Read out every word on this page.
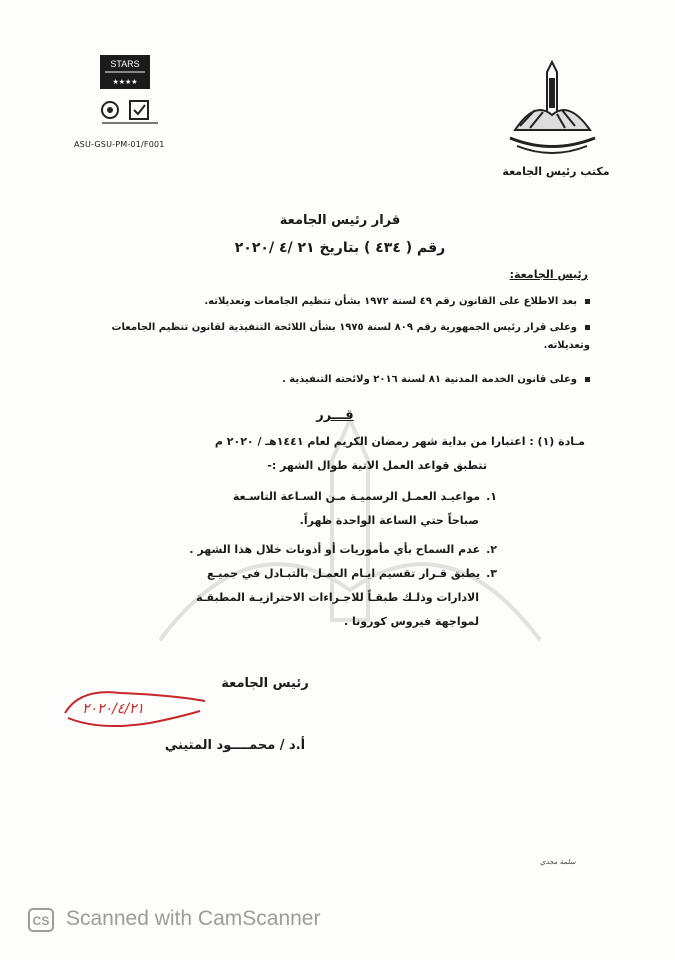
STARS
★★★★
ASU-GSU-PM-01/F001
مكتب رئيس الجامعة
قرار رئيس الجامعة
رقم ( ٤٣٤ ) بتاريخ ٢١ /٤ /٢٠٢٠
رئيس الجامعة:
بعد الاطلاع على القانون رقم ٤٩ لسنة ١٩٧٢ بشأن تنظيم الجامعات وتعديلاته.
وعلى قرار رئيس الجمهورية رقم ٨٠٩ لسنة ١٩٧٥ بشأن اللائحة التنفيذية لقانون تنظيم الجامعات وتعديلاته.
وعلى قانون الخدمة المدنية ٨١ لسنة ٢٠١٦ ولائحته التنفيذية .
قـــرر
مـادة (١) : اعتبارا من بداية شهر رمضان الكريم لعام ١٤٤١هـ / ٢٠٢٠ م
تتطبق قواعد العمل الاتية طوال الشهر :-
١.مواعيـد العمـل الرسميـة مـن السـاعة التاسـعة
صباحاً حتي الساعة الواحدة ظهراً.
٢.عدم السماح بأي مأموريات أو أذونات خلال هذا الشهر .
٣.يطبق قـرار تقسيم ايـام العمـل بالتبـادل في جميـع
الادارات وذلـك طبقـاً للاجـراءات الاحترازيـة المطبقـة
لمواجهة فيروس كورونا .
رئيس الجامعة
٢٠٢٠/٤/٢١
أ.د / محمــــود المتيني
سلمة مجدي
CS Scanned with CamScanner
